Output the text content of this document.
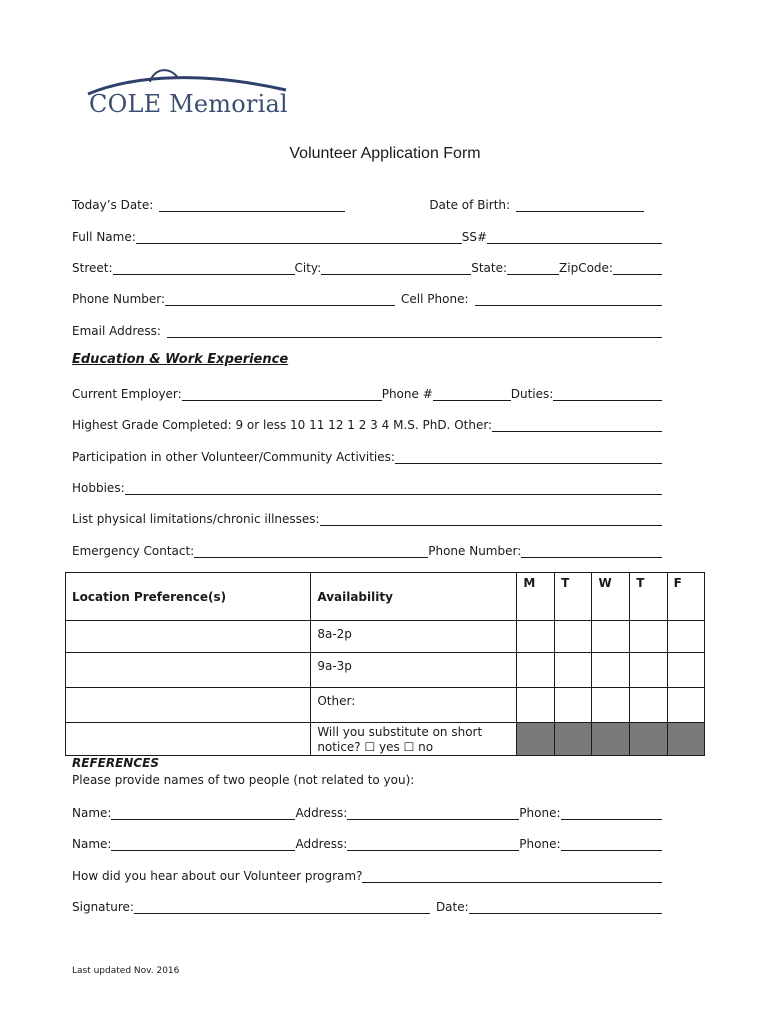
COLE Memorial
Volunteer Application Form
Today’s Date:	Date of Birth:
Full Name:	SS#
Street:	City:	State:	ZipCode:
Phone Number:	Cell Phone:
Email Address:
Education & Work Experience
Current Employer:	Phone #	Duties:
Highest Grade Completed: 9 or less 10 11 12 1 2 3 4 M.S. PhD. Other:
Participation in other Volunteer/Community Activities:
Hobbies:
List physical limitations/chronic illnesses:
Emergency Contact:	Phone Number:
Location Preference(s)	Availability	M	T	W	T	F
	8a-2p					
	9a-3p					
	Other:					
	Will you substitute on short notice? ☐ yes ☐ no					
REFERENCES
Please provide names of two people (not related to you):
Name:	Address:	Phone:
Name:	Address:	Phone:
How did you hear about our Volunteer program?
Signature:	Date:
Last updated Nov. 2016
